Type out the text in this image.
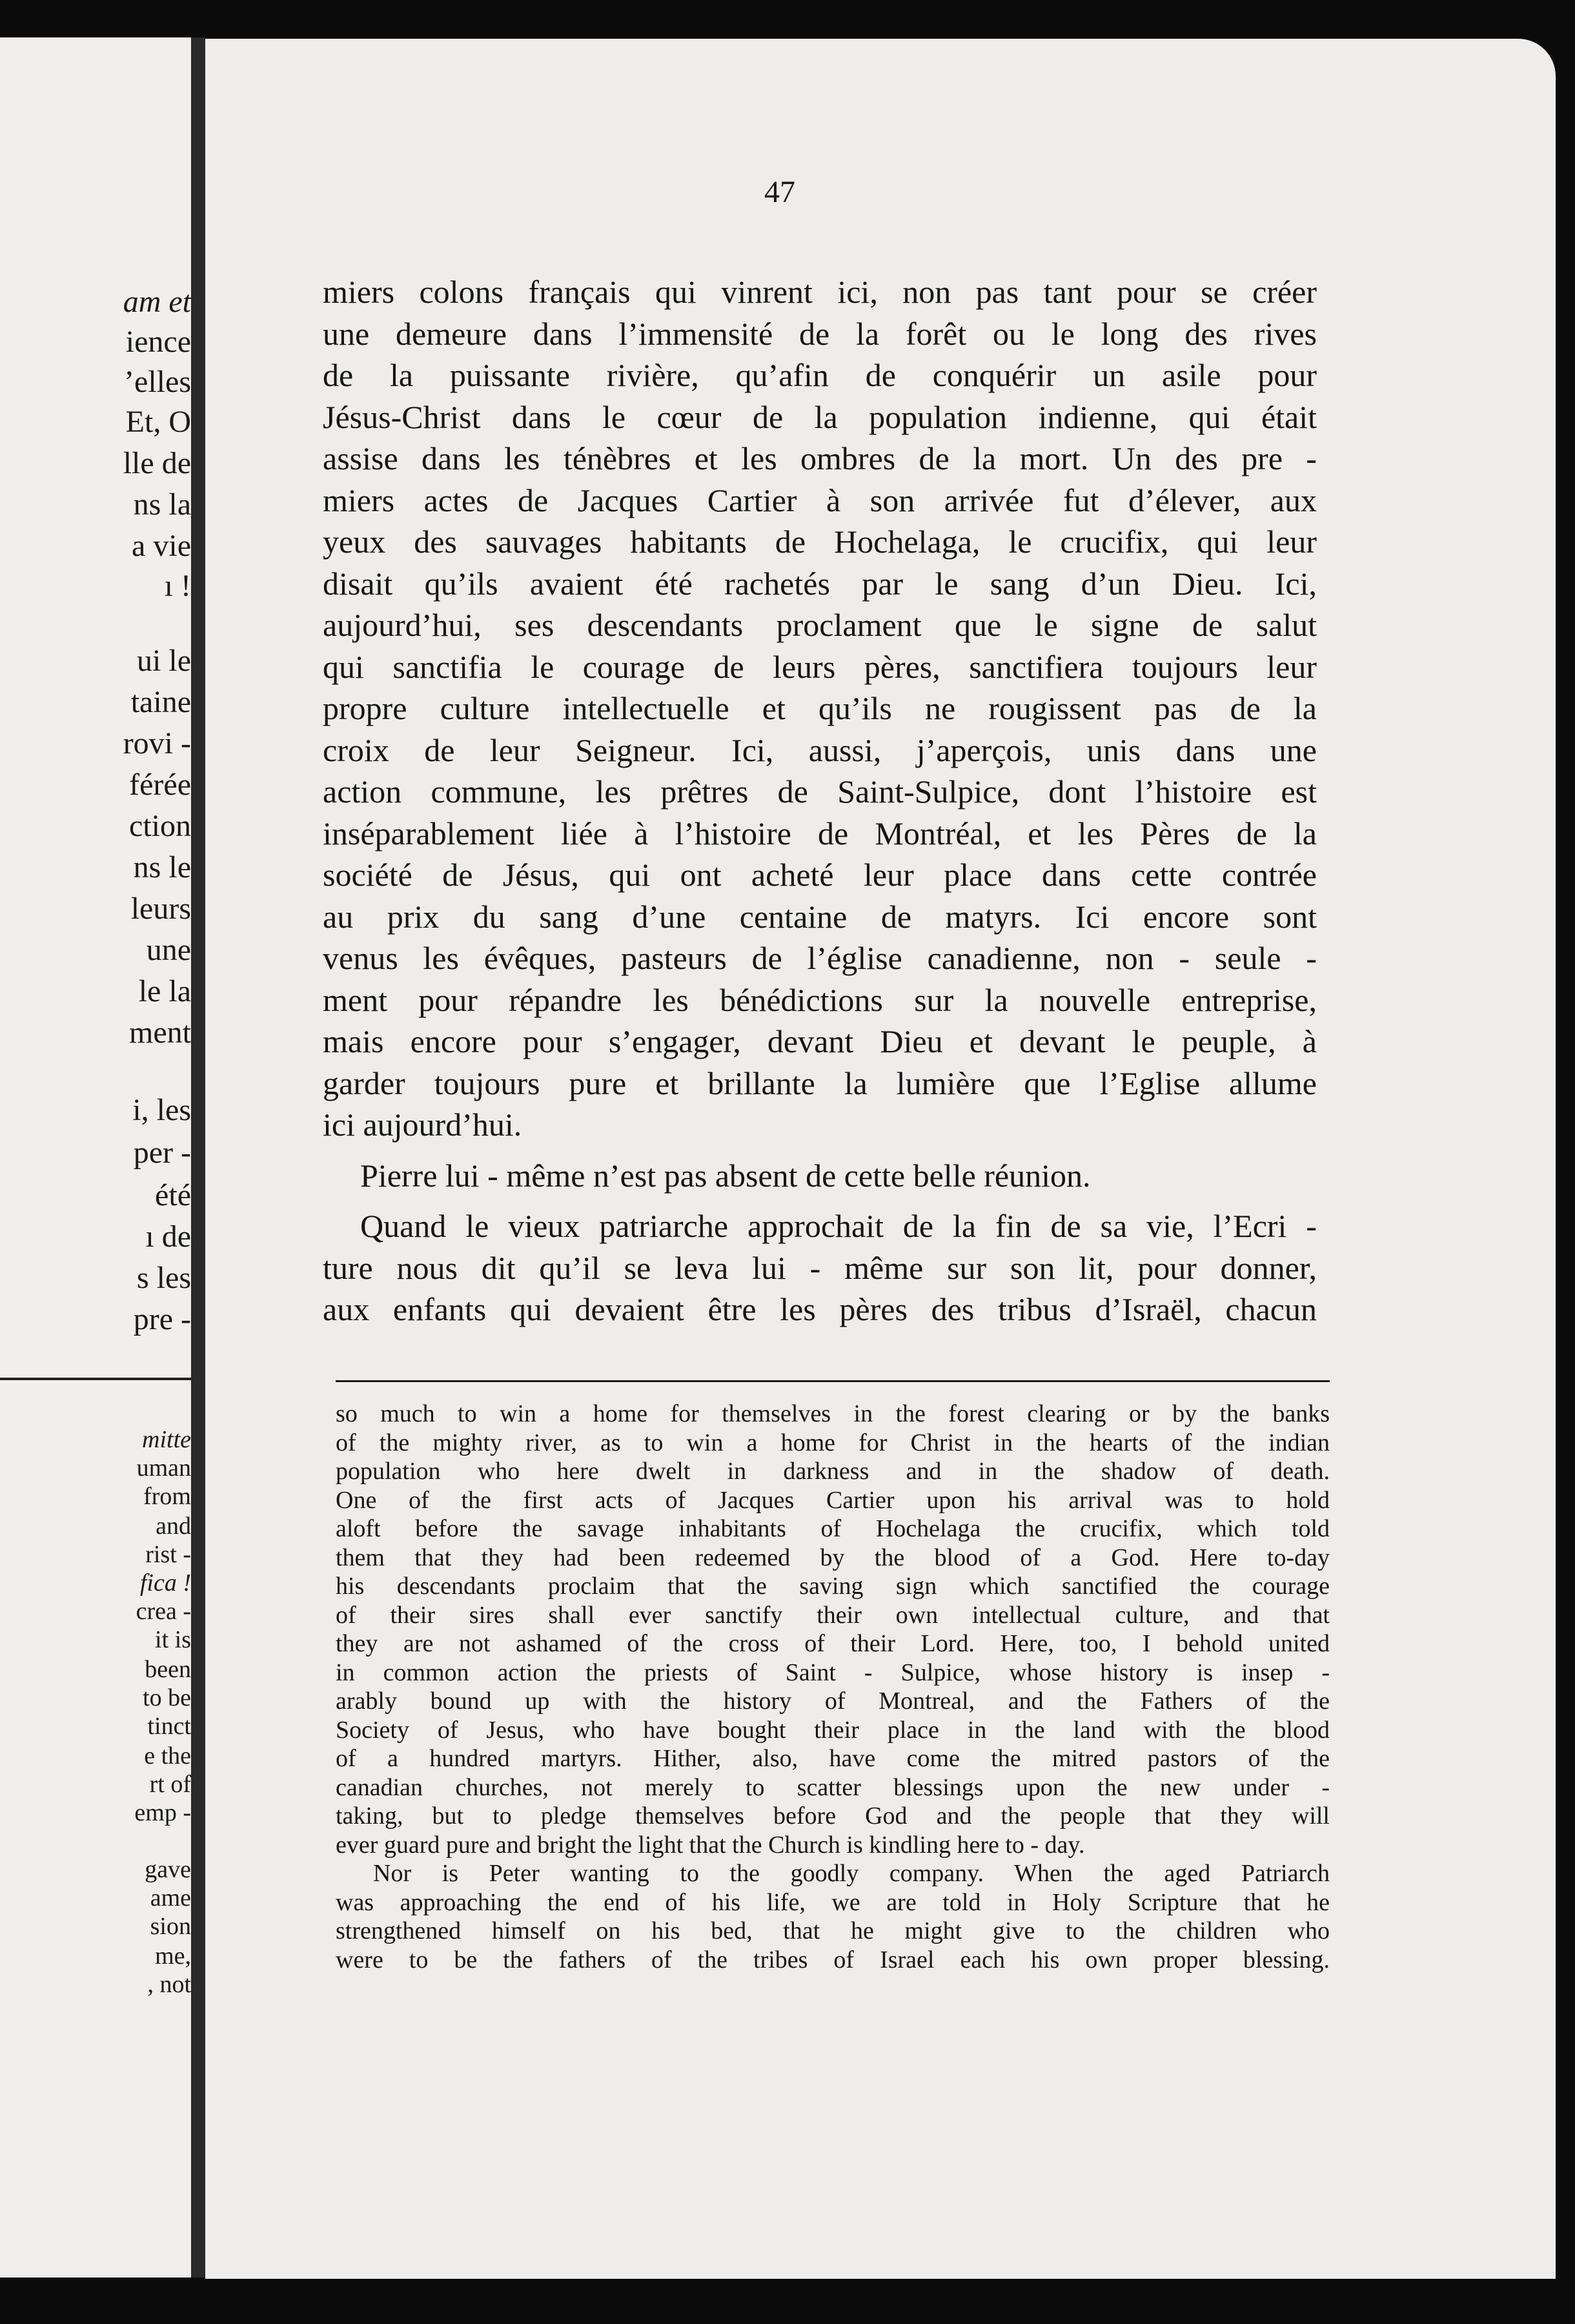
am et
ience
’elles
Et, O
lle de
ns la
a vie
ı !
ui le
taine
rovi -
férée
ction
ns le
leurs
une
le la
ment
i, les
per -
été
ı de
s les
pre -
mitte
uman
from
and
rist -
fica !
crea -
it is
been
to be
tinct
e the
rt of
emp -
gave
ame
sion
me,
, not
47
miers colons français qui vinrent ici, non pas tant pour se créer
une demeure dans l’immensité de la forêt ou le long des rives
de la puissante rivière, qu’afin de conquérir un asile pour
Jésus-Christ dans le cœur de la population indienne, qui était
assise dans les ténèbres et les ombres de la mort. Un des pre -
miers actes de Jacques Cartier à son arrivée fut d’élever, aux
yeux des sauvages habitants de Hochelaga, le crucifix, qui leur
disait qu’ils avaient été rachetés par le sang d’un Dieu. Ici,
aujourd’hui, ses descendants proclament que le signe de salut
qui sanctifia le courage de leurs pères, sanctifiera toujours leur
propre culture intellectuelle et qu’ils ne rougissent pas de la
croix de leur Seigneur. Ici, aussi, j’aperçois, unis dans une
action commune, les prêtres de Saint-Sulpice, dont l’histoire est
inséparablement liée à l’histoire de Montréal, et les Pères de la
société de Jésus, qui ont acheté leur place dans cette contrée
au prix du sang d’une centaine de matyrs. Ici encore sont
venus les évêques, pasteurs de l’église canadienne, non - seule -
ment pour répandre les bénédictions sur la nouvelle entreprise,
mais encore pour s’engager, devant Dieu et devant le peuple, à
garder toujours pure et brillante la lumière que l’Eglise allume
ici aujourd’hui.
Pierre lui - même n’est pas absent de cette belle réunion.
Quand le vieux patriarche approchait de la fin de sa vie, l’Ecri -
ture nous dit qu’il se leva lui - même sur son lit, pour donner,
aux enfants qui devaient être les pères des tribus d’Israël, chacun
so much to win a home for themselves in the forest clearing or by the banks
of the mighty river, as to win a home for Christ in the hearts of the indian
population who here dwelt in darkness and in the shadow of death.
One of the first acts of Jacques Cartier upon his arrival was to hold
aloft before the savage inhabitants of Hochelaga the crucifix, which told
them that they had been redeemed by the blood of a God. Here to-day
his descendants proclaim that the saving sign which sanctified the courage
of their sires shall ever sanctify their own intellectual culture, and that
they are not ashamed of the cross of their Lord. Here, too, I behold united
in common action the priests of Saint - Sulpice, whose history is insep -
arably bound up with the history of Montreal, and the Fathers of the
Society of Jesus, who have bought their place in the land with the blood
of a hundred martyrs. Hither, also, have come the mitred pastors of the
canadian churches, not merely to scatter blessings upon the new under -
taking, but to pledge themselves before God and the people that they will
ever guard pure and bright the light that the Church is kindling here to - day.
Nor is Peter wanting to the goodly company. When the aged Patriarch
was approaching the end of his life, we are told in Holy Scripture that he
strengthened himself on his bed, that he might give to the children who
were to be the fathers of the tribes of Israel each his own proper blessing.
